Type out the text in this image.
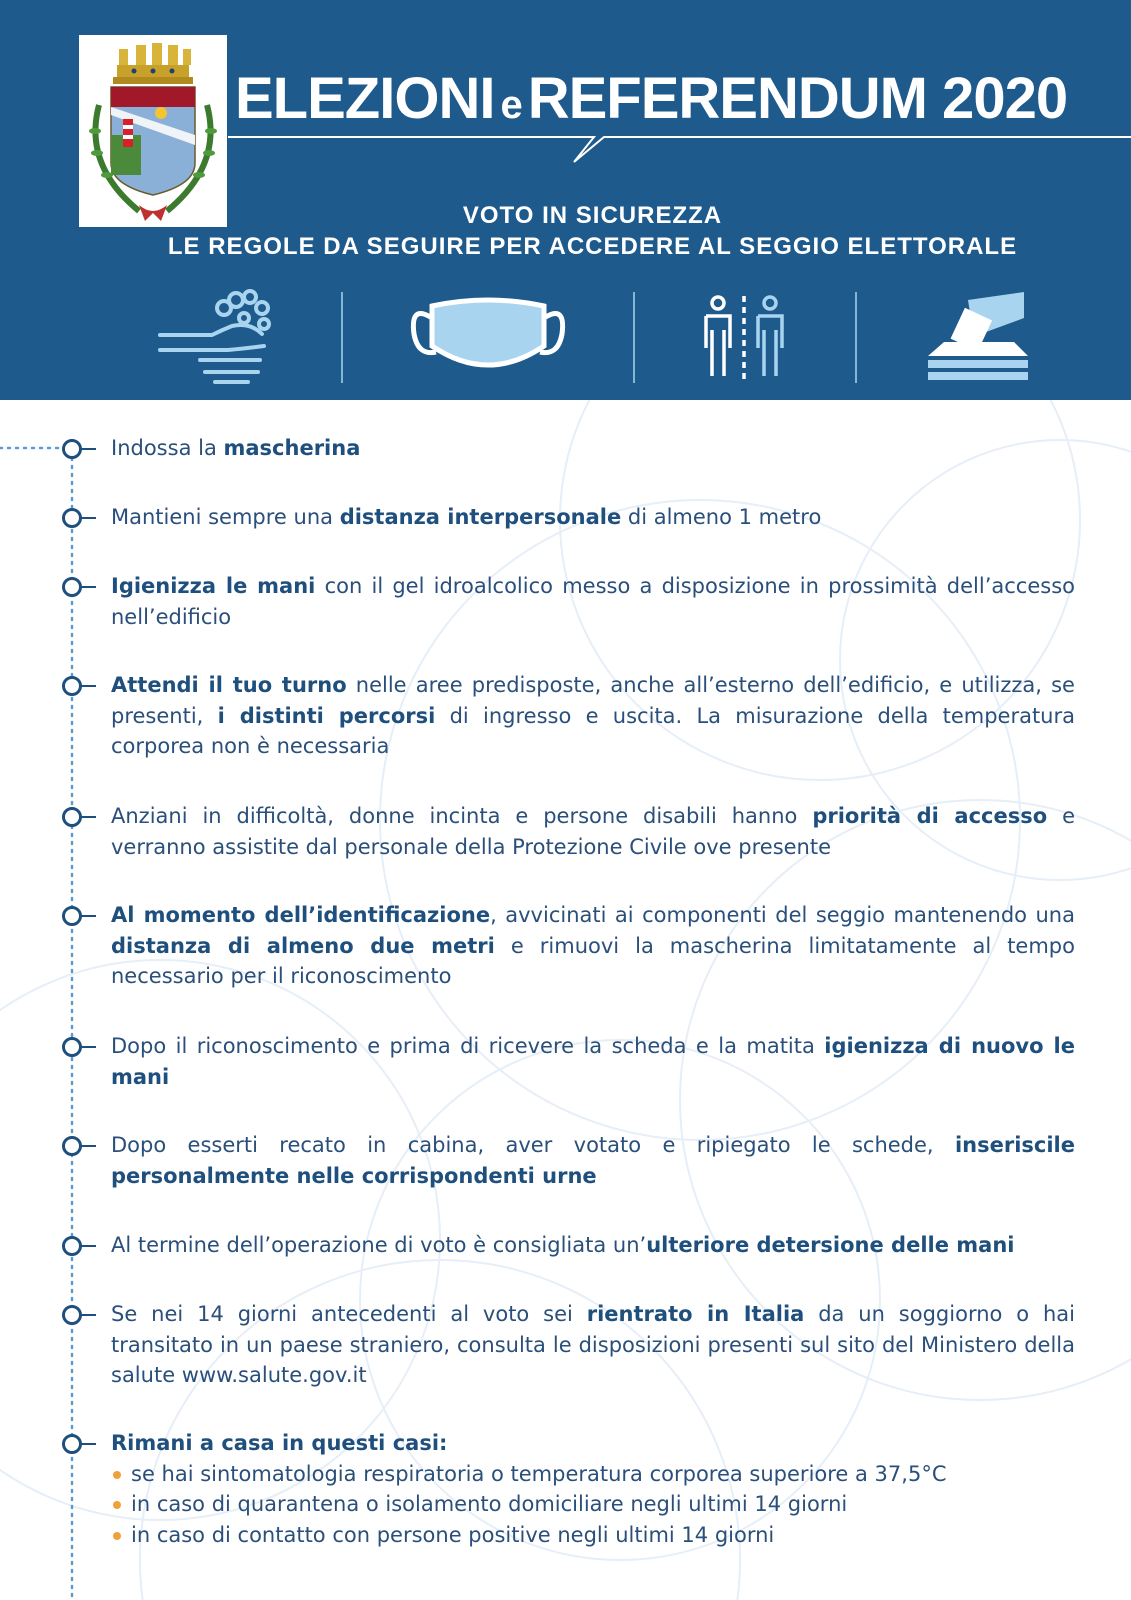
ELEZIONI e REFERENDUM 2020
VOTO IN SICUREZZA
LE REGOLE DA SEGUIRE PER ACCEDERE AL SEGGIO ELETTORALE
Indossa la mascherina
Mantieni sempre una distanza interpersonale di almeno 1 metro
Igienizza le mani con il gel idroalcolico messo a disposizione in prossimità dell’accesso nell’edificio
Attendi il tuo turno nelle aree predisposte, anche all’esterno dell’edificio, e utilizza, se presenti, i distinti percorsi di ingresso e uscita. La misurazione della temperatura corporea non è necessaria
Anziani in difficoltà, donne incinta e persone disabili hanno priorità di accesso e verranno assistite dal personale della Protezione Civile ove presente
Al momento dell’identificazione, avvicinati ai componenti del seggio mantenendo una distanza di almeno due metri e rimuovi la mascherina limitatamente al tempo necessario per il riconoscimento
Dopo il riconoscimento e prima di ricevere la scheda e la matita igienizza di nuovo le mani
Dopo esserti recato in cabina, aver votato e ripiegato le schede, inseriscile personalmente nelle corrispondenti urne
Al termine dell’operazione di voto è consigliata un’ulteriore detersione delle mani
Se nei 14 giorni antecedenti al voto sei rientrato in Italia da un soggiorno o hai transitato in un paese straniero, consulta le disposizioni presenti sul sito del Ministero della salute www.salute.gov.it
Rimani a casa in questi casi:
se hai sintomatologia respiratoria o temperatura corporea superiore a 37,5°C
in caso di quarantena o isolamento domiciliare negli ultimi 14 giorni
in caso di contatto con persone positive negli ultimi 14 giorni
